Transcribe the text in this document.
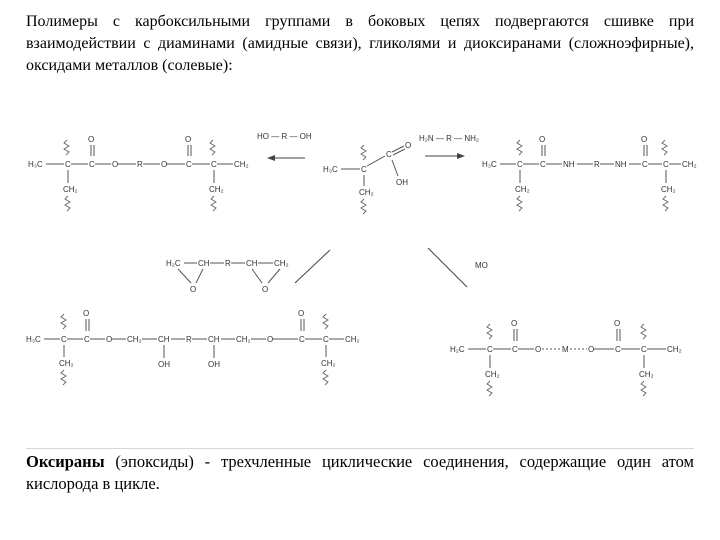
Полимеры с карбоксильными группами в боковых цепях подвергаются сшивке при взаимодействии с диаминами (амидные связи), гликолями и диоксиранами (сложноэфирные), оксидами металлов (солевые):
H₃C	C C
O
O R O C
O
C CH₂
CH₂	CH₂
HO — R — OH
H₃C	C
C
O
OH
CH₂
H₂N — R — NH₂
H₃C	C C
O
NH R NH C
O
C CH₂
CH₂	CH₂
H₂C CH R CH CH₂
O	O
MO
H₃C	C C
O
O CH₂ CH
OH
R CH
OH
CH₂ O	C
O
C CH₂
CH₂	CH₂
H₂C	C C
O
O	M O	C
O
C	CH₂
CH₂	CH₂
Оксираны (эпоксиды) - трехчленные циклические соединения, содержащие один атом кислорода в цикле.
